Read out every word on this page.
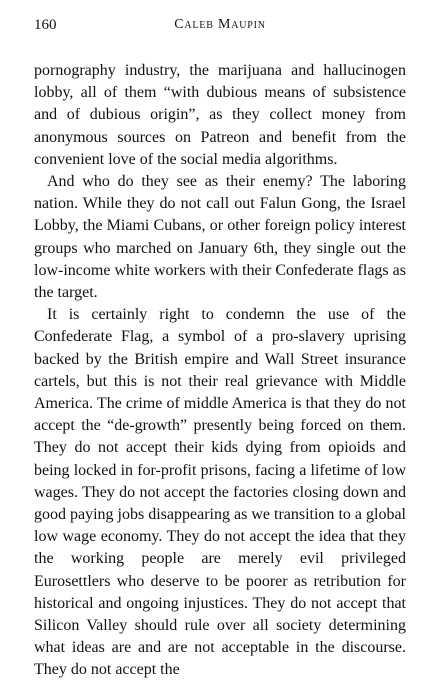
160	Caleb Maupin

pornography industry, the marijuana and hallucinogen lobby, all of them “with dubious means of subsistence and of dubious origin”, as they collect money from anonymous sources on Patreon and benefit from the convenient love of the social media algorithms.

And who do they see as their enemy? The laboring nation. While they do not call out Falun Gong, the Israel Lobby, the Miami Cubans, or other foreign policy interest groups who marched on January 6th, they single out the low-income white workers with their Confederate flags as the target.

It is certainly right to condemn the use of the Confederate Flag, a symbol of a pro-slavery uprising backed by the British empire and Wall Street insurance cartels, but this is not their real grievance with Middle America. The crime of middle America is that they do not accept the “de-growth” presently being forced on them. They do not accept their kids dying from opioids and being locked in for-profit prisons, facing a lifetime of low wages. They do not accept the factories closing down and good paying jobs disappearing as we transition to a global low wage economy. They do not accept the idea that they the working people are merely evil privileged Eurosettlers who deserve to be poorer as retribution for historical and ongoing injustices. They do not accept that Silicon Valley should rule over all society determining what ideas are and are not acceptable in the discourse. They do not accept the
